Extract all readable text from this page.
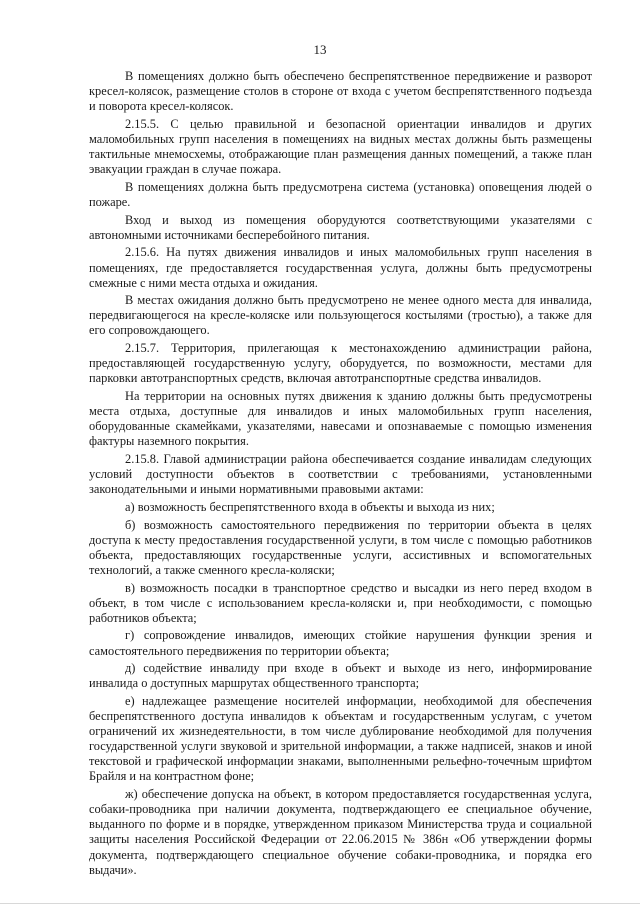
13

В помещениях должно быть обеспечено беспрепятственное передвижение и разворот кресел-колясок, размещение столов в стороне от входа с учетом беспрепятственного подъезда и поворота кресел-колясок.

2.15.5. С целью правильной и безопасной ориентации инвалидов и других маломобильных групп населения в помещениях на видных местах должны быть размещены тактильные мнемосхемы, отображающие план размещения данных помещений, а также план эвакуации граждан в случае пожара.

В помещениях должна быть предусмотрена система (установка) оповещения людей о пожаре.

Вход и выход из помещения оборудуются соответствующими указателями с автономными источниками бесперебойного питания.

2.15.6. На путях движения инвалидов и иных маломобильных групп населения в помещениях, где предоставляется государственная услуга, должны быть предусмотрены смежные с ними места отдыха и ожидания.

В местах ожидания должно быть предусмотрено не менее одного места для инвалида, передвигающегося на кресле-коляске или пользующегося костылями (тростью), а также для его сопровождающего.

2.15.7. Территория, прилегающая к местонахождению администрации района, предоставляющей государственную услугу, оборудуется, по возможности, местами для парковки автотранспортных средств, включая автотранспортные средства инвалидов.

На территории на основных путях движения к зданию должны быть предусмотрены места отдыха, доступные для инвалидов и иных маломобильных групп населения, оборудованные скамейками, указателями, навесами и опознаваемые с помощью изменения фактуры наземного покрытия.

2.15.8. Главой администрации района обеспечивается создание инвалидам следующих условий доступности объектов в соответствии с требованиями, установленными законодательными и иными нормативными правовыми актами:

а) возможность беспрепятственного входа в объекты и выхода из них;

б) возможность самостоятельного передвижения по территории объекта в целях доступа к месту предоставления государственной услуги, в том числе с помощью работников объекта, предоставляющих государственные услуги, ассистивных и вспомогательных технологий, а также сменного кресла-коляски;

в) возможность посадки в транспортное средство и высадки из него перед входом в объект, в том числе с использованием кресла-коляски и, при необходимости, с помощью работников объекта;

г) сопровождение инвалидов, имеющих стойкие нарушения функции зрения и самостоятельного передвижения по территории объекта;

д) содействие инвалиду при входе в объект и выходе из него, информирование инвалида о доступных маршрутах общественного транспорта;

е) надлежащее размещение носителей информации, необходимой для обеспечения беспрепятственного доступа инвалидов к объектам и государственным услугам, с учетом ограничений их жизнедеятельности, в том числе дублирование необходимой для получения государственной услуги звуковой и зрительной информации, а также надписей, знаков и иной текстовой и графической информации знаками, выполненными рельефно-точечным шрифтом Брайля и на контрастном фоне;

ж) обеспечение допуска на объект, в котором предоставляется государственная услуга, собаки-проводника при наличии документа, подтверждающего ее специальное обучение, выданного по форме и в порядке, утвержденном приказом Министерства труда и социальной защиты населения Российской Федерации от 22.06.2015 № 386н «Об утверждении формы документа, подтверждающего специальное обучение собаки-проводника, и порядка его выдачи».
